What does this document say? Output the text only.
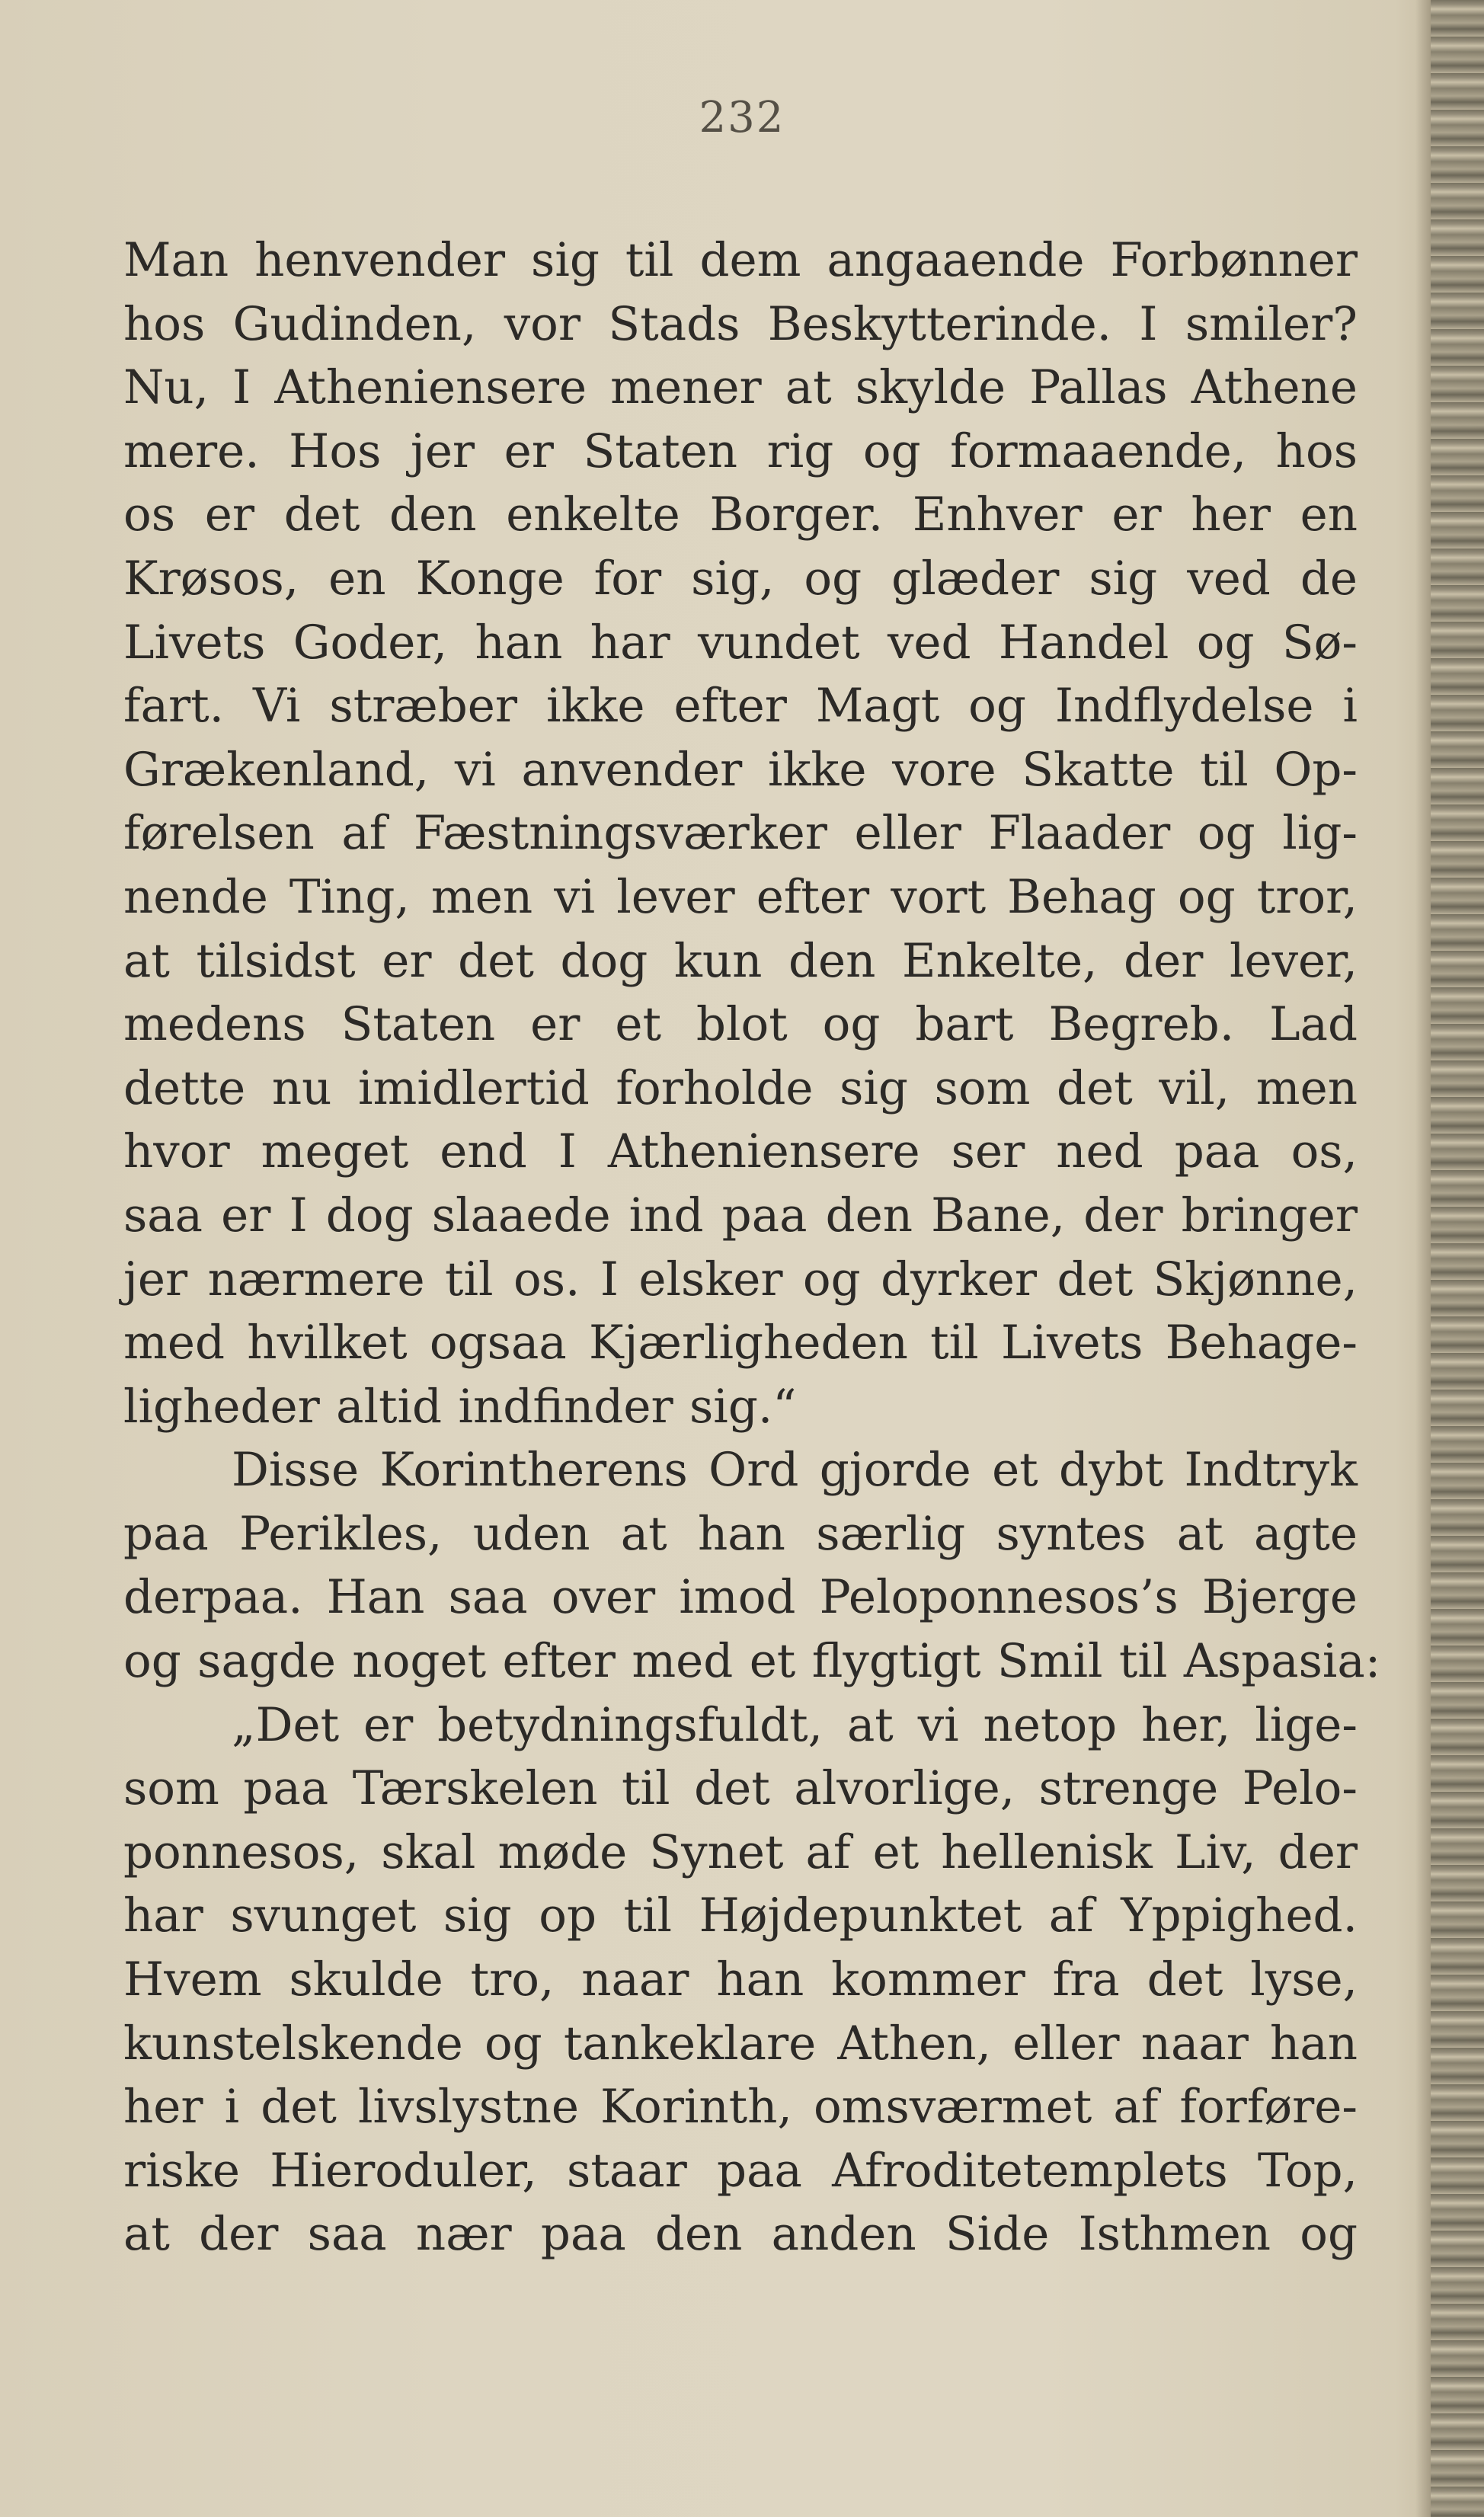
232
Man henvender sig til dem angaaende Forbønner
hos Gudinden, vor Stads Beskytterinde. I smiler?
Nu, I Atheniensere mener at skylde Pallas Athene
mere. Hos jer er Staten rig og formaaende, hos
os er det den enkelte Borger. Enhver er her en
Krøsos, en Konge for sig, og glæder sig ved de
Livets Goder, han har vundet ved Handel og Sø-
fart. Vi stræber ikke efter Magt og Indflydelse i
Grækenland, vi anvender ikke vore Skatte til Op-
førelsen af Fæstningsværker eller Flaader og lig-
nende Ting, men vi lever efter vort Behag og tror,
at tilsidst er det dog kun den Enkelte, der lever,
medens Staten er et blot og bart Begreb. Lad
dette nu imidlertid forholde sig som det vil, men
hvor meget end I Atheniensere ser ned paa os,
saa er I dog slaaede ind paa den Bane, der bringer
jer nærmere til os. I elsker og dyrker det Skjønne,
med hvilket ogsaa Kjærligheden til Livets Behage-
ligheder altid indfinder sig.“
Disse Korintherens Ord gjorde et dybt Indtryk
paa Perikles, uden at han særlig syntes at agte
derpaa. Han saa over imod Peloponnesos’s Bjerge
og sagde noget efter med et flygtigt Smil til Aspasia:
„Det er betydningsfuldt, at vi netop her, lige-
som paa Tærskelen til det alvorlige, strenge Pelo-
ponnesos, skal møde Synet af et hellenisk Liv, der
har svunget sig op til Højdepunktet af Yppighed.
Hvem skulde tro, naar han kommer fra det lyse,
kunstelskende og tankeklare Athen, eller naar han
her i det livslystne Korinth, omsværmet af forføre-
riske Hieroduler, staar paa Afroditetemplets Top,
at der saa nær paa den anden Side Isthmen og
